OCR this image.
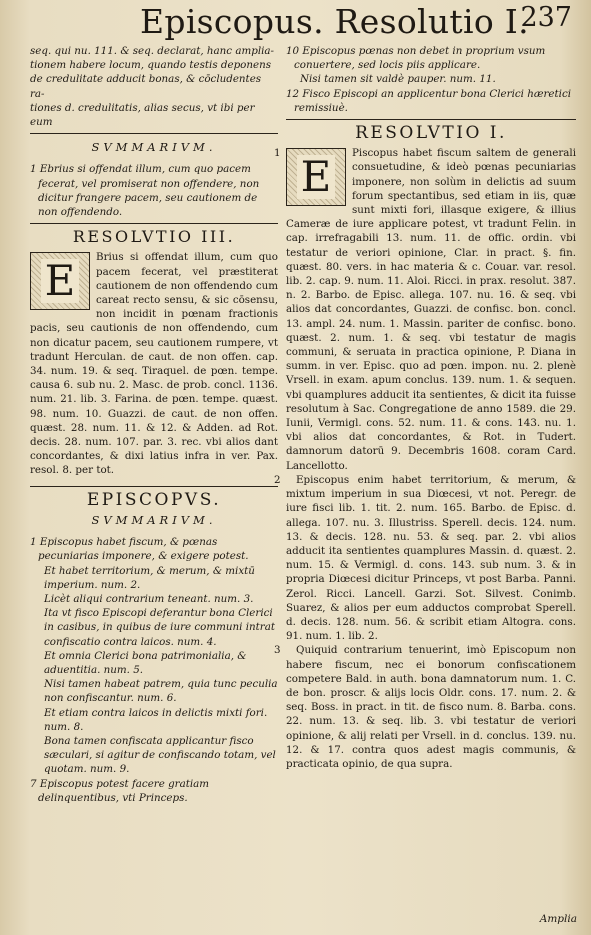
Episcopus. Resolutio I.
237

seq. qui nu. 111. & seq. declarat, hanc amplia-

tionem habere locum, quando testis deponens

de credulitate adducit bonas, & cōcludentes ra-

tiones d. credulitatis, alias secus, vt ibi per eum

SVMMARIVM.

1 Ebrius si offendat illum, cum quo pacem fecerat, vel promiserat non offendere, non dicitur frangere pacem, seu cautionem de non offendendo.

RESOLVTIO III.
E	Brius si offendat illum, cum quo pacem fecerat, vel præstiterat cautionem de non offendendo cum careat recto sensu, & sic cōsensu, non incidit in pœnam fractionis pacis, seu cautionis de non offendendo, cum non dicatur pacem, seu cautionem rumpere, vt tradunt Herculan. de caut. de non offen. cap. 34. num. 19. & seq. Tiraquel. de pœn. tempe. causa 6. sub nu. 2. Masc. de prob. concl. 1136. num. 21. lib. 3. Farina. de pœn. tempe. quæst. 98. num. 10. Guazzi. de caut. de non offen. quæst. 28. num. 11. & 12. & Adden. ad Rot. decis. 28. num. 107. par. 3. rec. vbi alios dant concordantes, & dixi latius infra in ver. Pax. resol. 8. per tot.

EPISCOPVS.
SVMMARIVM.

1 Episcopus habet fiscum, & pœnas pecuniarias imponere, & exigere potest.

Et habet territorium, & merum, & mixtū imperium. num. 2.

Licèt aliqui contrarium teneant. num. 3.

Ita vt fisco Episcopi deferantur bona Clerici in casibus, in quibus de iure communi intrat confiscatio contra laicos. num. 4.

Et omnia Clerici bona patrimonialia, & aduentitia. num. 5.

Nisi tamen habeat patrem, quia tunc peculia non confiscantur. num. 6.

Et etiam contra laicos in delictis mixti fori. num. 8.

Bona tamen confiscata applicantur fisco sæculari, si agitur de confiscando totam, vel quotam. num. 9.

7 Episcopus potest facere gratiam delinquentibus, vti Princeps.

10 Episcopus pœnas non debet in proprium vsum conuertere, sed locis piis applicare.

Nisi tamen sit valdè pauper. num. 11.

12 Fisco Episcopi an applicentur bona Clerici hæretici remissiuè.

RESOLVTIO I.
1 E	Piscopus habet fiscum saltem de generali consuetudine, & ideò pœnas pecuniarias imponere, non solùm in delictis ad suum forum spectantibus, sed etiam in iis, quæ sunt mixti fori, illasque exigere, & illius Cameræ de iure applicare potest, vt tradunt Felin. in cap. irrefragabili 13. num. 11. de offic. ordin. vbi testatur de veriori opinione, Clar. in pract. §. fin. quæst. 80. vers. in hac materia & c. Couar. var. resol. lib. 2. cap. 9. num. 11. Aloi. Ricci. in prax. resolut. 387. n. 2. Barbo. de Episc. allega. 107. nu. 16. & seq. vbi alios dat concordantes, Guazzi. de confisc. bon. concl. 13. ampl. 24. num. 1. Massin. pariter de confisc. bono. quæst. 2. num. 1. & seq. vbi testatur de magis communi, & seruata in practica opinione, P. Diana in summ. in ver. Episc. quo ad pœn. impon. nu. 2. plenè Vrsell. in exam. apum conclus. 139. num. 1. & sequen. vbi quamplures adducit ita sentientes, & dicit ita fuisse resolutum à Sac. Congregatione de anno 1589. die 29. Iunii, Vermigl. cons. 52. num. 11. & cons. 143. nu. 1. vbi alios dat concordantes, & Rot. in Tudert. damnorum datorū 9. Decembris 1608. coram Card. Lancellotto.

2	Episcopus enim habet territorium, & merum, & mixtum imperium in sua Diœcesi, vt not. Peregr. de iure fisci lib. 1. tit. 2. num. 165. Barbo. de Episc. d. allega. 107. nu. 3. Illustriss. Sperell. decis. 124. num. 13. & decis. 128. nu. 53. & seq. par. 2. vbi alios adducit ita sentientes quamplures Massin. d. quæst. 2. num. 15. & Vermigl. d. cons. 143. sub num. 3. & in propria Diœcesi dicitur Princeps, vt post Barba. Panni. Zerol. Ricci. Lancell. Garzi. Sot. Silvest. Conimb. Suarez, & alios per eum adductos comprobat Sperell. d. decis. 128. num. 56. & scribit etiam Altogra. cons. 91. num. 1. lib. 2.

3	Quiquid contrarium tenuerint, imò Episcopum non habere fiscum, nec ei bonorum confiscationem competere Bald. in auth. bona damnatorum num. 1. C. de bon. proscr. & alijs locis Oldr. cons. 17. num. 2. & seq. Boss. in pract. in tit. de fisco num. 8. Barba. cons. 22. num. 13. & seq. lib. 3. vbi testatur de veriori opinione, & alij relati per Vrsell. in d. conclus. 139. nu. 12. & 17. contra quos adest magis communis, & practicata opinio, de qua supra.

Amplia
